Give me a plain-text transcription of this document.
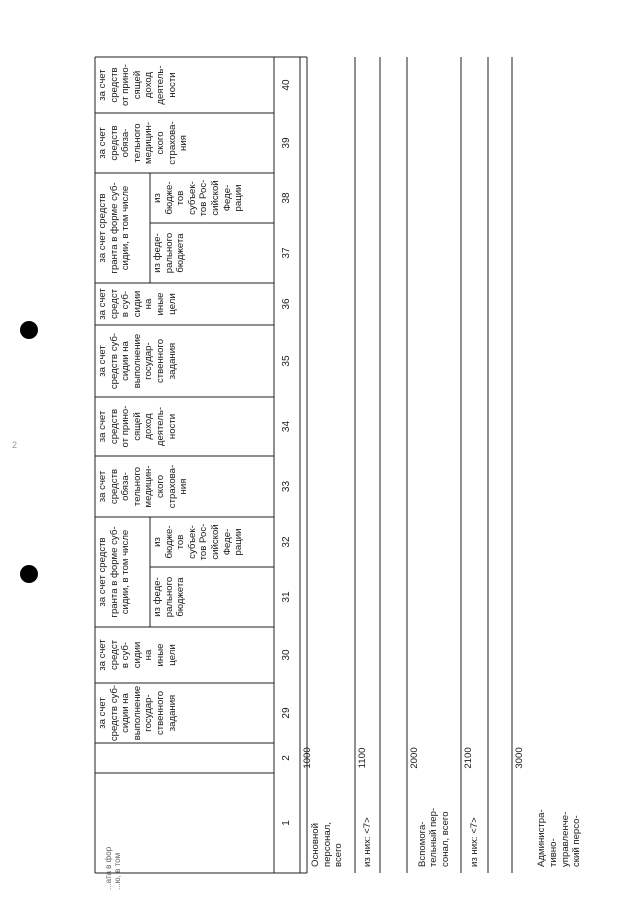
за счет средств суб- сидии на выполнение государ- ственного задания
за счет средст в суб- сидии на иные цели
за счет средств гранта в форме суб- сидии, в том числе из феде- рального бюджета
из бюдже- тов субъек- тов Рос- сийской Феде- рации
за счет средств обяза- тельного медицин- ского страхова- ния
за счет средств от прино- сящей доход деятель- ности
за счет средств суб- сидии на выполнение государ- ственного задания
за счет средст в суб- сидии на иные цели
за счет средств гранта в форме суб- сидии, в том числе из феде- рального бюджета
из бюдже- тов субъек- тов Рос- сийской Феде- рации
за счет средств обяза- тельного медицин- ского страхова- ния
за счет средств от прино- сящей доход деятель- ности
1
2
29
30
31
32
33
34
35
36
37
38
39
40
Основной персонал, всего
1000
из них: <7>
1100
Вспомога- тельный пер- сонал, всего
2000
из них: <7>
2100
Администра- тивно- управленче- ский персо-
3000
2
...ата в фор ...ю, в том
